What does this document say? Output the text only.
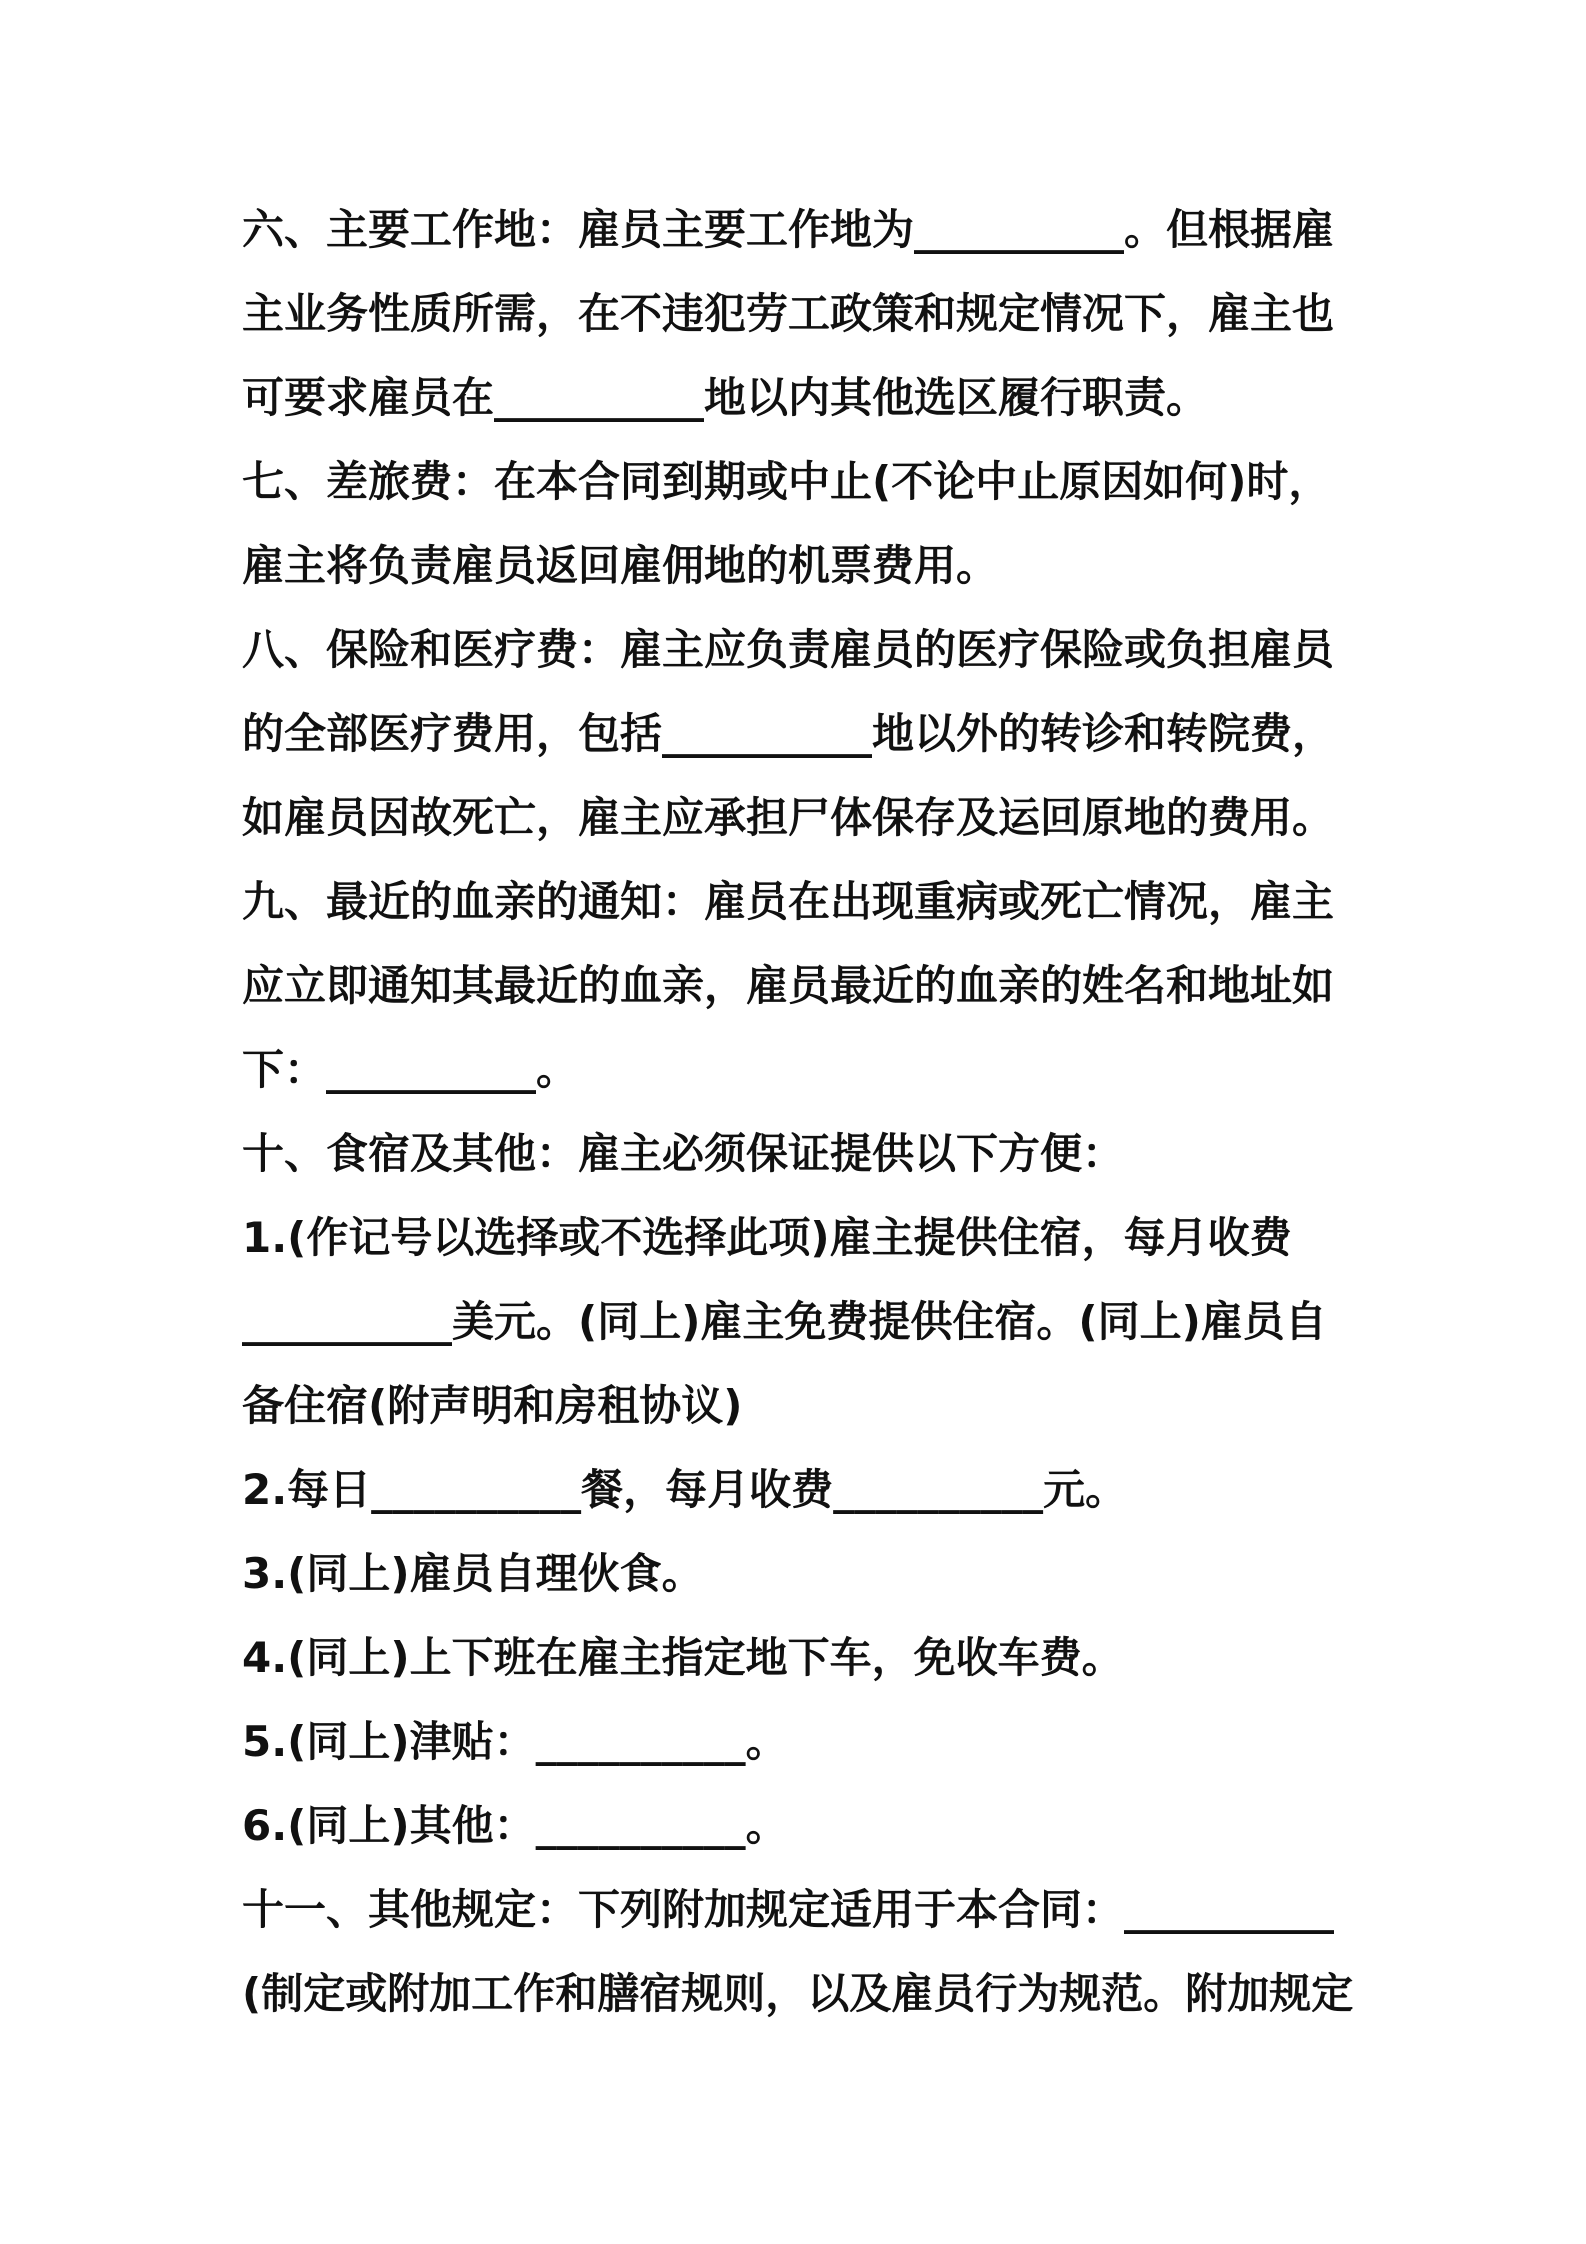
六、主要工作地：雇员主要工作地为__________。但根据雇
主业务性质所需，在不违犯劳工政策和规定情况下，雇主也
可要求雇员在__________地以内其他选区履行职责。
七、差旅费：在本合同到期或中止(不论中止原因如何)时，
雇主将负责雇员返回雇佣地的机票费用。
八、保险和医疗费：雇主应负责雇员的医疗保险或负担雇员
的全部医疗费用，包括__________地以外的转诊和转院费，
如雇员因故死亡，雇主应承担尸体保存及运回原地的费用。
九、最近的血亲的通知：雇员在出现重病或死亡情况，雇主
应立即通知其最近的血亲，雇员最近的血亲的姓名和地址如
下：__________。
十、食宿及其他：雇主必须保证提供以下方便：
1.(作记号以选择或不选择此项)雇主提供住宿，每月收费
__________美元。(同上)雇主免费提供住宿。(同上)雇员自
备住宿(附声明和房租协议)
2.每日__________餐，每月收费__________元。
3.(同上)雇员自理伙食。
4.(同上)上下班在雇主指定地下车，免收车费。
5.(同上)津贴：__________。
6.(同上)其他：__________。
十一、其他规定：下列附加规定适用于本合同：__________
(制定或附加工作和膳宿规则，以及雇员行为规范。附加规定
